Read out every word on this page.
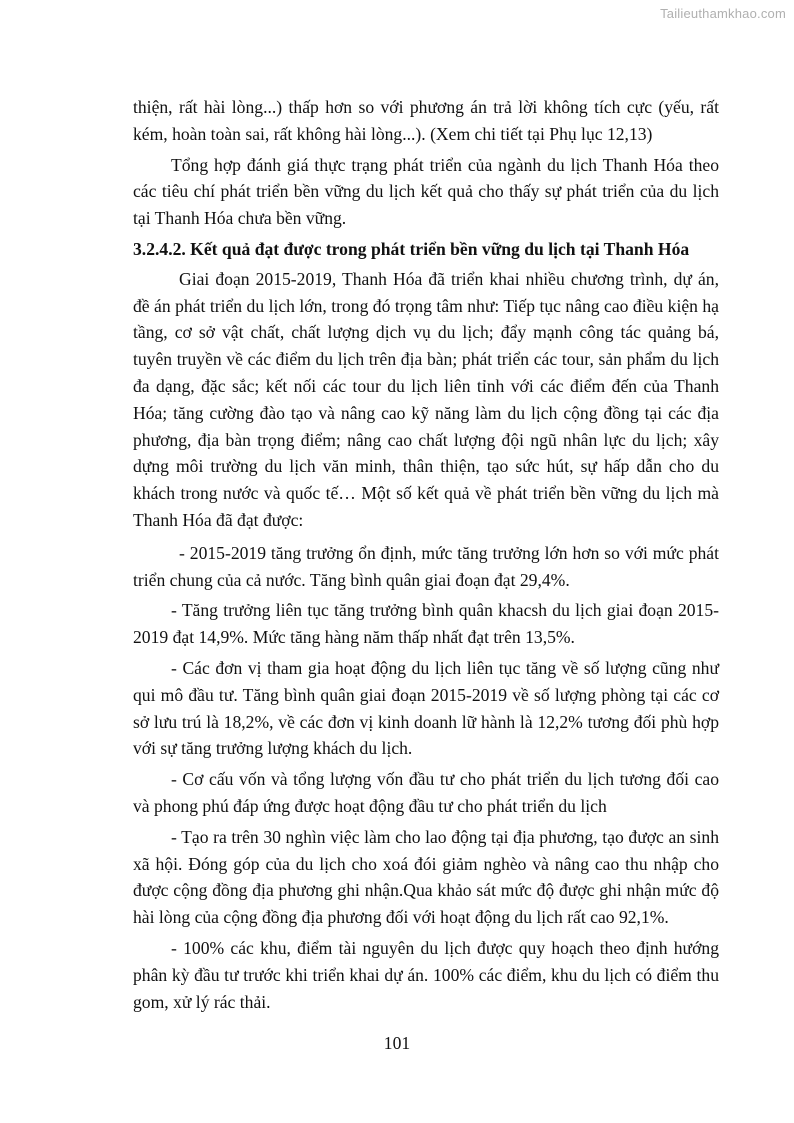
Tailieuthamkhao.com

thiện, rất hài lòng...) thấp hơn so với phương án trả lời không tích cực (yếu, rất kém, hoàn toàn sai, rất không hài lòng...). (Xem chi tiết tại Phụ lục 12,13)

Tổng hợp đánh giá thực trạng phát triển của ngành du lịch Thanh Hóa theo các tiêu chí phát triển bền vững du lịch kết quả cho thấy sự phát triển của du lịch tại Thanh Hóa chưa bền vững.

3.2.4.2. Kết quả đạt được trong phát triển bền vững du lịch tại Thanh Hóa

Giai đoạn 2015-2019, Thanh Hóa đã triển khai nhiều chương trình, dự án, đề án phát triển du lịch lớn, trong đó trọng tâm như: Tiếp tục nâng cao điều kiện hạ tầng, cơ sở vật chất, chất lượng dịch vụ du lịch; đẩy mạnh công tác quảng bá, tuyên truyền về các điểm du lịch trên địa bàn; phát triển các tour, sản phẩm du lịch đa dạng, đặc sắc; kết nối các tour du lịch liên tỉnh với các điểm đến của Thanh Hóa; tăng cường đào tạo và nâng cao kỹ năng làm du lịch cộng đồng tại các địa phương, địa bàn trọng điểm; nâng cao chất lượng đội ngũ nhân lực du lịch; xây dựng môi trường du lịch văn minh, thân thiện, tạo sức hút, sự hấp dẫn cho du khách trong nước và quốc tế… Một số kết quả về phát triển bền vững du lịch mà Thanh Hóa đã đạt được:

- 2015-2019 tăng trưởng ổn định, mức tăng trưởng lớn hơn so với mức phát triển chung của cả nước. Tăng bình quân giai đoạn đạt 29,4%.

- Tăng trưởng liên tục tăng trưởng bình quân khacsh du lịch giai đoạn 2015-2019 đạt 14,9%. Mức tăng hàng năm thấp nhất đạt trên 13,5%.

- Các đơn vị tham gia hoạt động du lịch liên tục tăng về số lượng cũng như qui mô đầu tư. Tăng bình quân giai đoạn 2015-2019 về số lượng phòng tại các cơ sở lưu trú là 18,2%, về các đơn vị kinh doanh lữ hành là 12,2% tương đối phù hợp với sự tăng trưởng lượng khách du lịch.

- Cơ cấu vốn và tổng lượng vốn đầu tư cho phát triển du lịch tương đối cao và phong phú đáp ứng được hoạt động đầu tư cho phát triển du lịch

- Tạo ra trên 30 nghìn việc làm cho lao động tại địa phương, tạo được an sinh xã hội. Đóng góp của du lịch cho xoá đói giảm nghèo và nâng cao thu nhập cho được cộng đồng địa phương ghi nhận.Qua khảo sát mức độ được ghi nhận mức độ hài lòng của cộng đồng địa phương đối với hoạt động du lịch rất cao 92,1%.

- 100% các khu, điểm tài nguyên du lịch được quy hoạch theo định hướng phân kỳ đầu tư trước khi triển khai dự án. 100% các điểm, khu du lịch có điểm thu gom, xử lý rác thải.

101
